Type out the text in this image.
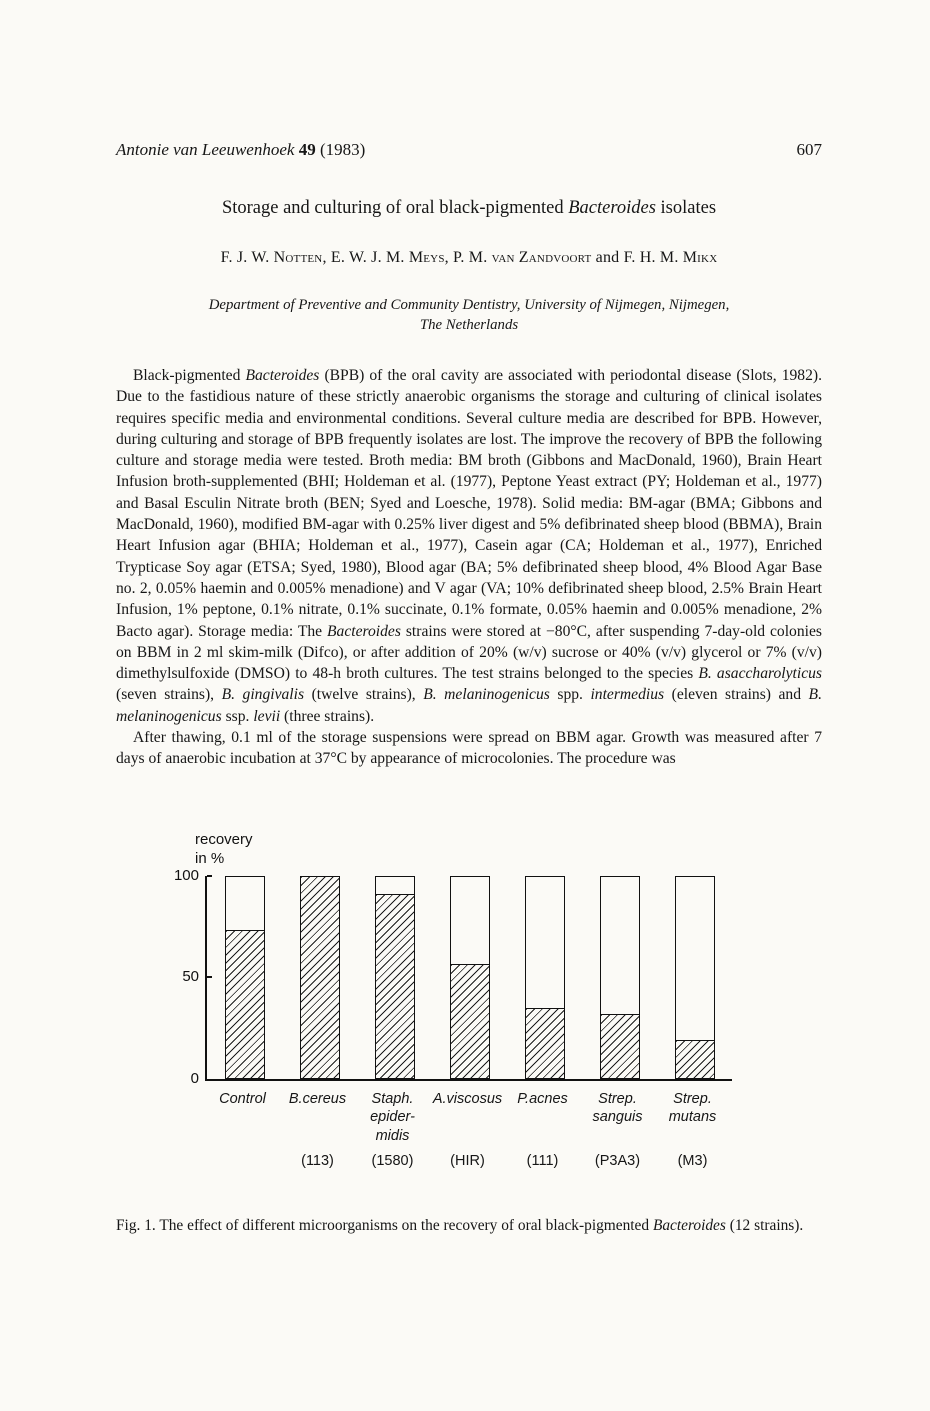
Antonie van Leeuwenhoek 49 (1983)	607
Storage and culturing of oral black-pigmented Bacteroides isolates
F. J. W. Notten, E. W. J. M. Meys, P. M. van Zandvoort and F. H. M. Mikx
Department of Preventive and Community Dentistry, University of Nijmegen, Nijmegen,
The Netherlands

Black-pigmented Bacteroides (BPB) of the oral cavity are associated with periodontal disease (Slots, 1982). Due to the fastidious nature of these strictly anaerobic organisms the storage and culturing of clinical isolates requires specific media and environmental conditions. Several culture media are described for BPB. However, during culturing and storage of BPB frequently isolates are lost. The improve the recovery of BPB the following culture and storage media were tested. Broth media: BM broth (Gibbons and MacDonald, 1960), Brain Heart Infusion broth-supplemented (BHI; Holdeman et al. (1977), Peptone Yeast extract (PY; Holdeman et al., 1977) and Basal Esculin Nitrate broth (BEN; Syed and Loesche, 1978). Solid media: BM-agar (BMA; Gibbons and MacDonald, 1960), modified BM-agar with 0.25% liver digest and 5% defibrinated sheep blood (BBMA), Brain Heart Infusion agar (BHIA; Holdeman et al., 1977), Casein agar (CA; Holdeman et al., 1977), Enriched Trypticase Soy agar (ETSA; Syed, 1980), Blood agar (BA; 5% defibrinated sheep blood, 4% Blood Agar Base no. 2, 0.05% haemin and 0.005% menadione) and V agar (VA; 10% defibrinated sheep blood, 2.5% Brain Heart Infusion, 1% peptone, 0.1% nitrate, 0.1% succinate, 0.1% formate, 0.05% haemin and 0.005% menadione, 2% Bacto agar). Storage media: The Bacteroides strains were stored at −80°C, after suspending 7-day-old colonies on BBM in 2 ml skim-milk (Difco), or after addition of 20% (w/v) sucrose or 40% (v/v) glycerol or 7% (v/v) dimethylsulfoxide (DMSO) to 48-h broth cultures. The test strains belonged to the species B. asaccharolyticus (seven strains), B. gingivalis (twelve strains), B. melaninogenicus spp. intermedius (eleven strains) and B. melaninogenicus ssp. levii (three strains).

After thawing, 0.1 ml of the storage suspensions were spread on BBM agar. Growth was measured after 7 days of anaerobic incubation at 37°C by appearance of microcolonies. The procedure was

recovery
in %
100
50
0
Control	B.cereus	Staph.
epider-
midis
A.viscosus	P.acnes	Strep.
sanguis
Strep.
mutans
(113)	(1580)	(HIR)	(111)	(P3A3)	(M3)

Fig. 1. The effect of different microorganisms on the recovery of oral black-pigmented Bacteroides (12 strains).
